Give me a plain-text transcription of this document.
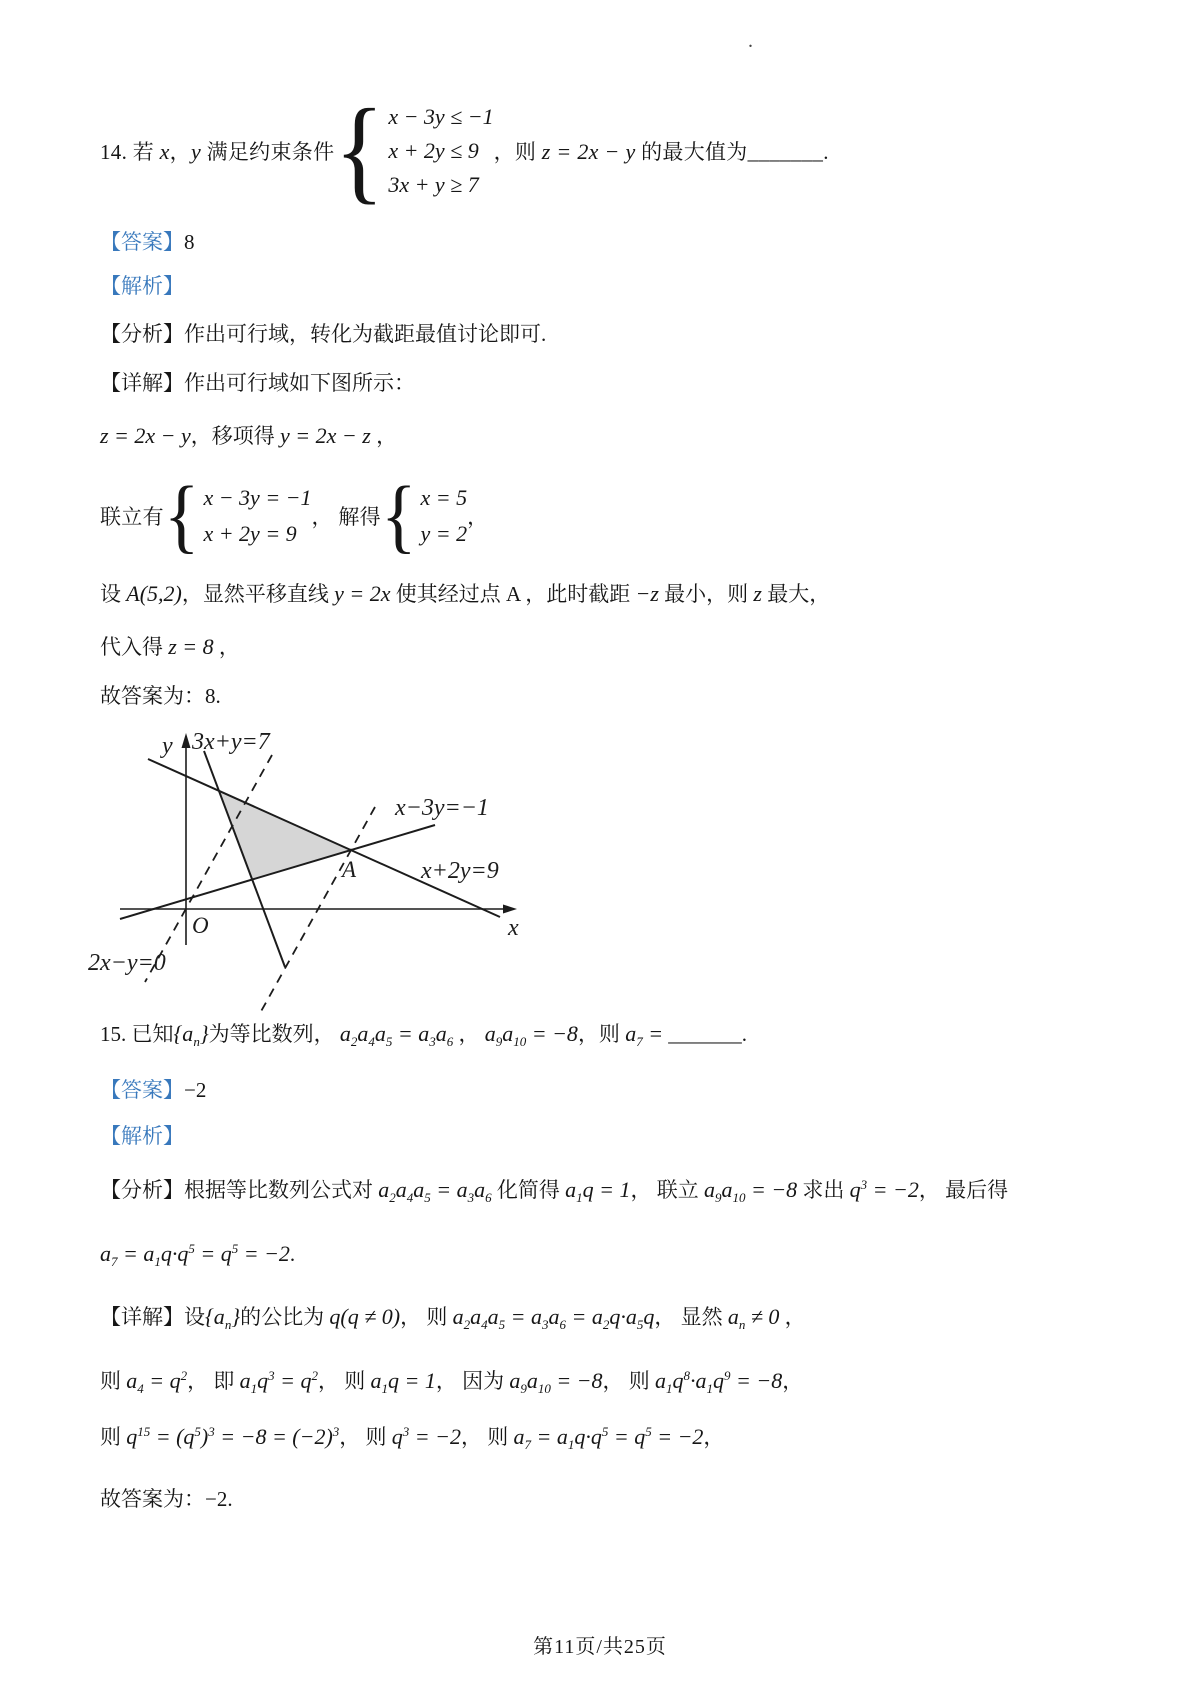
.
14. 若 x，y 满足约束条件 { x − 3y ≤ −1
x + 2y ≤ 9
3x + y ≥ 7
，则 z = 2x − y 的最大值为_______.
【答案】8
【解析】
【分析】作出可行域，转化为截距最值讨论即可.
【详解】作出可行域如下图所示：
z = 2x − y，移项得 y = 2x − z ，
联立有 { x − 3y = −1
x + 2y = 9
， 解得 { x = 5
y = 2
，
设 A(5,2)，显然平移直线 y = 2x 使其经过点 A ，此时截距 −z 最小，则 z 最大，
代入得 z = 8 ，
故答案为：8.
y 3x+y=7
x−3y=−1
x+2y=9
A
O	x
2x−y=0
15. 已知$\{a_n\}$为等比数列， $a_2a_4a_5 = a_3a_6$ ， $a_9a_{10} = -8$，则 $a_7$ = _______.
【答案】−2
【解析】
【分析】根据等比数列公式对 $a_2a_4a_5 = a_3a_6$ 化简得 $a_1q = 1$， 联立 $a_9a_{10} = -8$ 求出 $q^3 = -2$， 最后得
$a_7 = a_1q\cdot q^5 = q^5 = -2$.
【详解】设$\{a_n\}$的公比为 q(q ≠ 0)， 则 $a_2a_4a_5 = a_3a_6 = a_2q\cdot a_5q$， 显然 $a_n \ne 0$ ，
则 $a_4 = q^2$， 即 $a_1q^3 = q^2$， 则 $a_1q = 1$， 因为 $a_9a_{10} = -8$， 则 $a_1q^8\cdot a_1q^9 = -8$，
则 $q^{15} = (q^5)^3 = -8 = (-2)^3$， 则 $q^3 = -2$， 则 $a_7 = a_1q\cdot q^5 = q^5 = -2$，
故答案为：−2.
第11页/共25页
